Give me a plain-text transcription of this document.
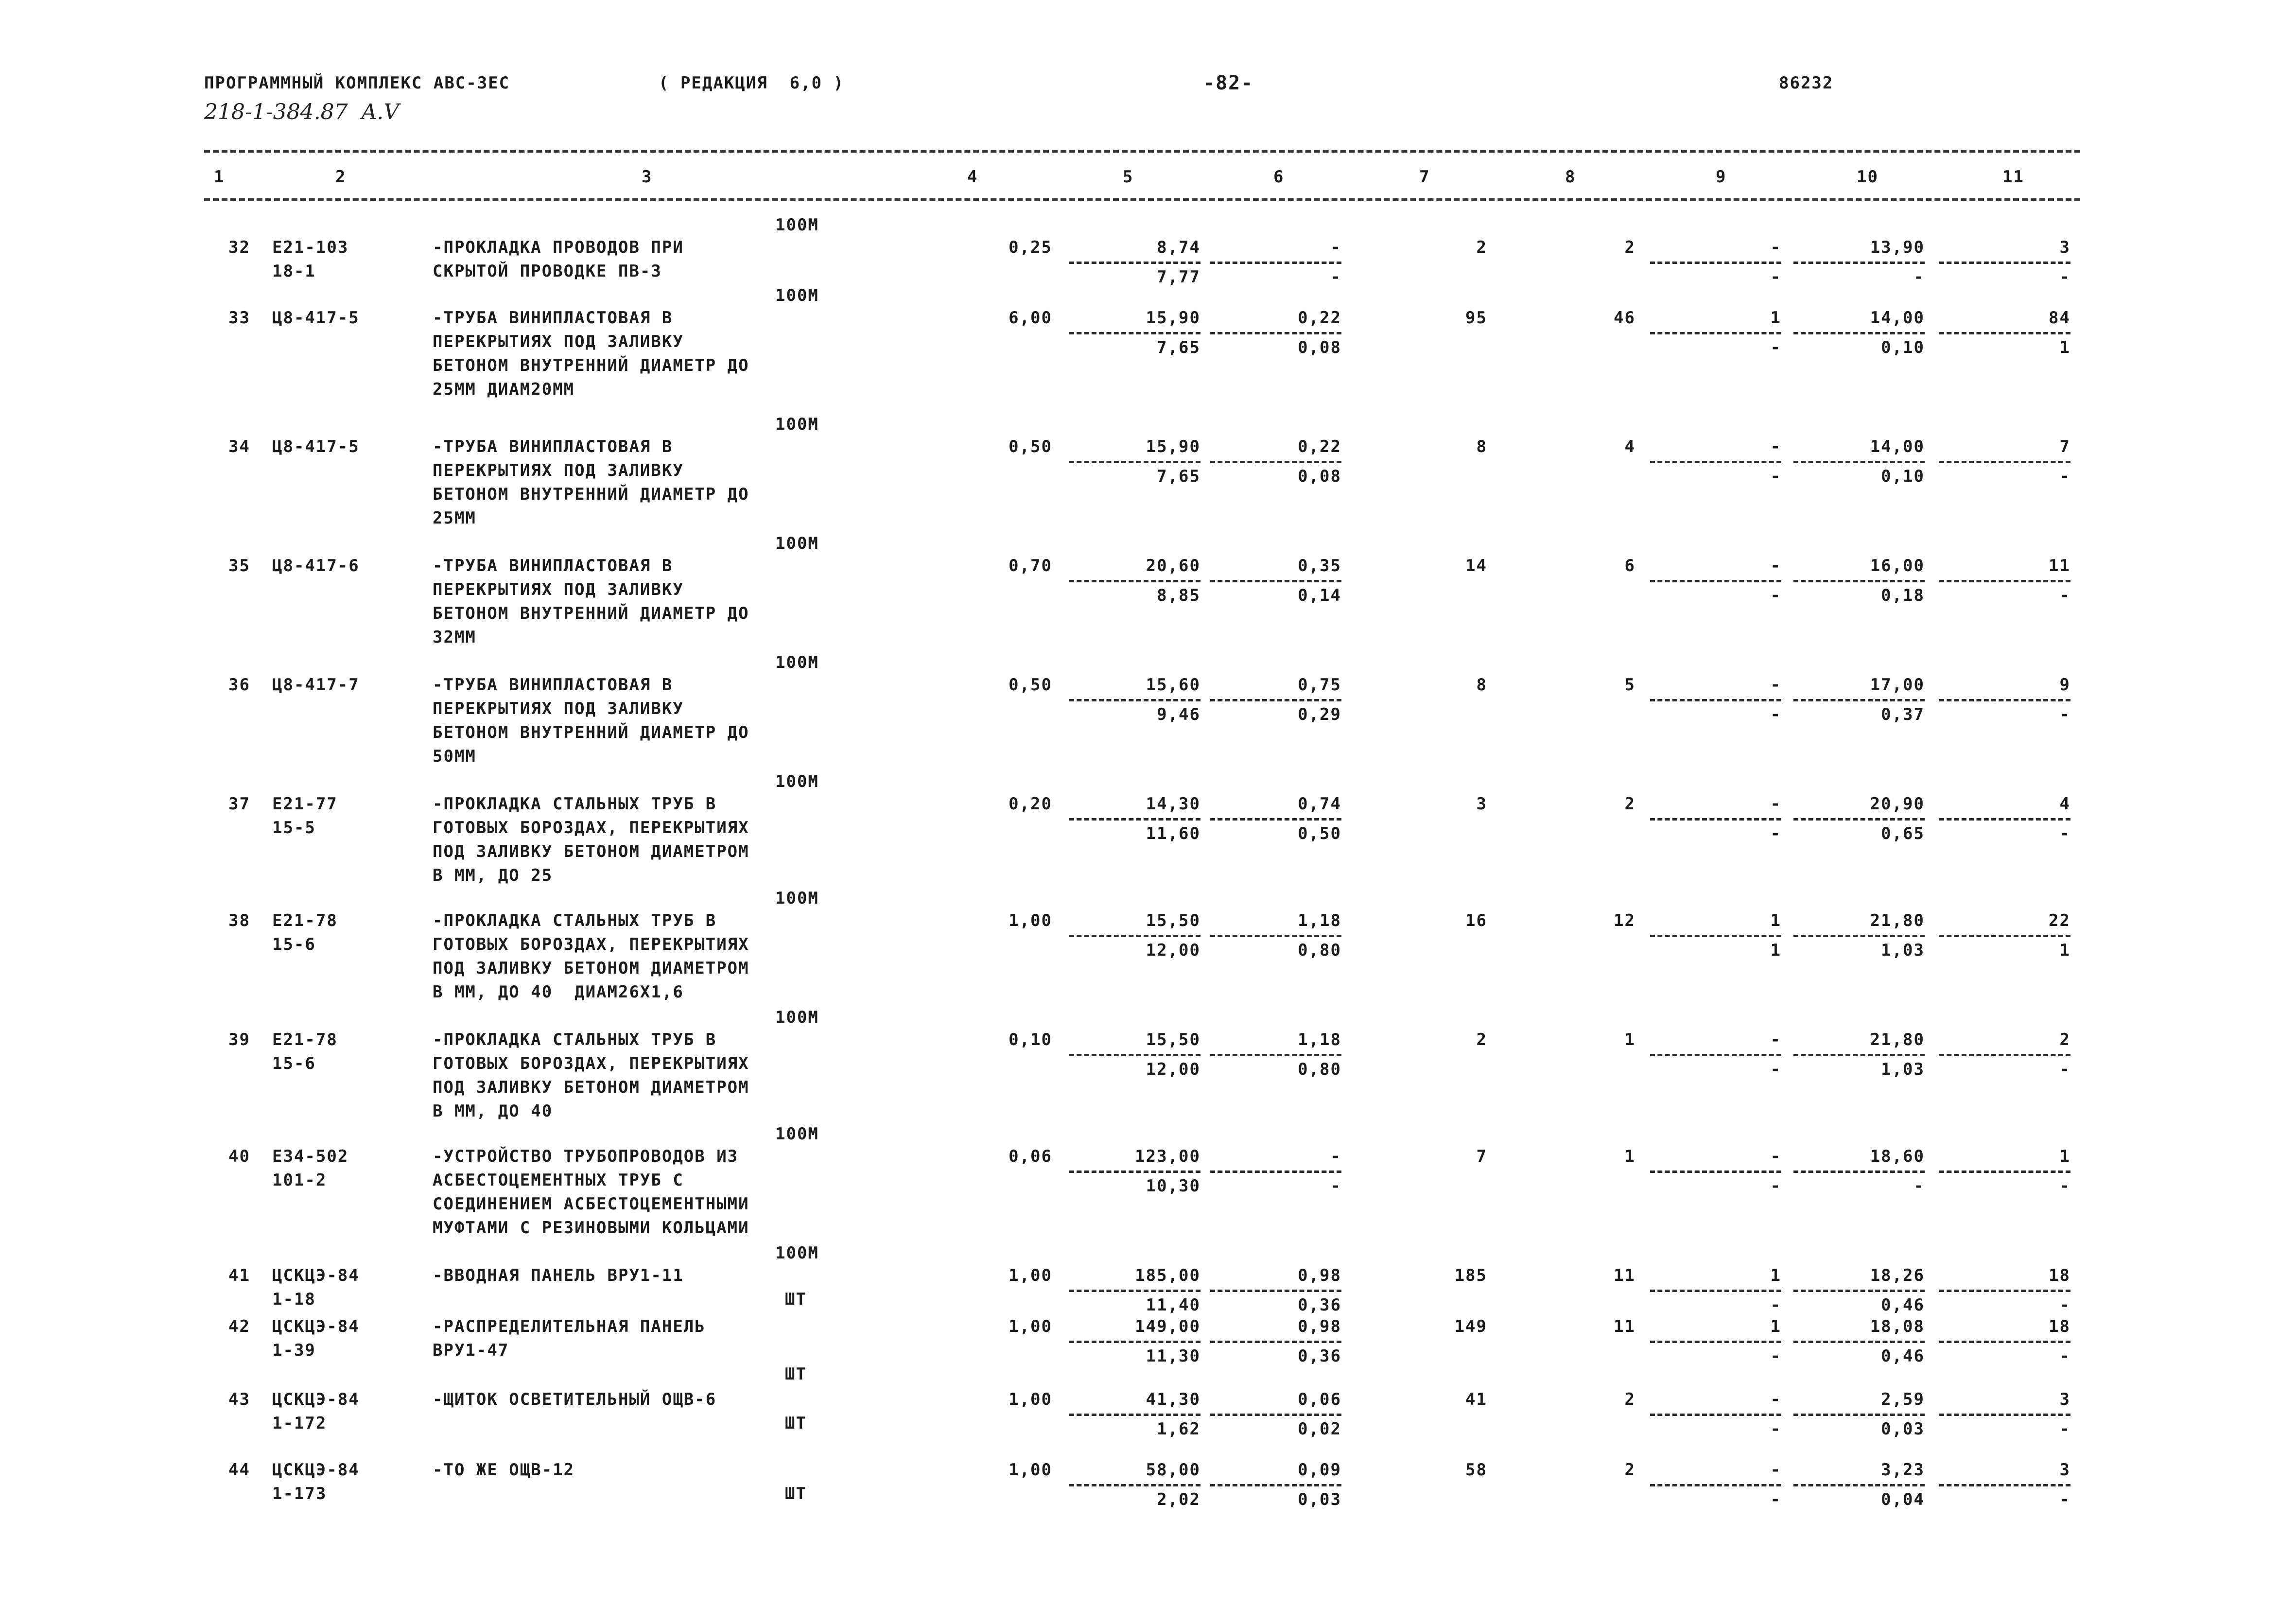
ПРОГРАММНЫЙ КОМПЛЕКС АВС-ЗЕС	( РЕДАКЦИЯ  6,0 )	-82-	86232
218-1-384.87  A.V
1	2	3	4	5	6	7	8	9	10	11
100М
32 Е21-103
18-1
-ПРОКЛАДКА ПРОВОДОВ ПРИ
СКРЫТОЙ ПРОВОДКЕ ПВ-3
0,25	8,74	-	2	2	-	13,90	3
7,77	-	-	-	-
100М
33 Ц8-417-5	-ТРУБА ВИНИПЛАСТОВАЯ В
ПЕРЕКРЫТИЯХ ПОД ЗАЛИВКУ
БЕТОНОМ ВНУТРЕННИЙ ДИАМЕТР ДО
25ММ ДИАМ20ММ
6,00	15,90	0,22	95	46	1	14,00	84
7,65	0,08	-	0,10	1
100М
34 Ц8-417-5	-ТРУБА ВИНИПЛАСТОВАЯ В
ПЕРЕКРЫТИЯХ ПОД ЗАЛИВКУ
БЕТОНОМ ВНУТРЕННИЙ ДИАМЕТР ДО
25ММ
0,50	15,90	0,22	8	4	-	14,00	7
7,65	0,08	-	0,10	-
100М
35 Ц8-417-6	-ТРУБА ВИНИПЛАСТОВАЯ В
ПЕРЕКРЫТИЯХ ПОД ЗАЛИВКУ
БЕТОНОМ ВНУТРЕННИЙ ДИАМЕТР ДО
32ММ
0,70	20,60	0,35	14	6	-	16,00	11
8,85	0,14	-	0,18	-
100М
36 Ц8-417-7	-ТРУБА ВИНИПЛАСТОВАЯ В
ПЕРЕКРЫТИЯХ ПОД ЗАЛИВКУ
БЕТОНОМ ВНУТРЕННИЙ ДИАМЕТР ДО
50ММ
0,50	15,60	0,75	8	5	-	17,00	9
9,46	0,29	-	0,37	-
100М
37 Е21-77
15-5
-ПРОКЛАДКА СТАЛЬНЫХ ТРУБ В
ГОТОВЫХ БОРОЗДАХ, ПЕРЕКРЫТИЯХ
ПОД ЗАЛИВКУ БЕТОНОМ ДИАМЕТРОМ
В ММ, ДО 25
0,20	14,30	0,74	3	2	-	20,90	4
11,60	0,50	-	0,65	-
100М
38 Е21-78
15-6
-ПРОКЛАДКА СТАЛЬНЫХ ТРУБ В
ГОТОВЫХ БОРОЗДАХ, ПЕРЕКРЫТИЯХ
ПОД ЗАЛИВКУ БЕТОНОМ ДИАМЕТРОМ
В ММ, ДО 40  ДИАМ26Х1,6
1,00	15,50	1,18	16	12	1	21,80	22
12,00	0,80	1	1,03	1
100М
39 Е21-78
15-6
-ПРОКЛАДКА СТАЛЬНЫХ ТРУБ В
ГОТОВЫХ БОРОЗДАХ, ПЕРЕКРЫТИЯХ
ПОД ЗАЛИВКУ БЕТОНОМ ДИАМЕТРОМ
В ММ, ДО 40
0,10	15,50	1,18	2	1	-	21,80	2
12,00	0,80	-	1,03	-
100М
40 Е34-502
101-2
-УСТРОЙСТВО ТРУБОПРОВОДОВ ИЗ
АСБЕСТОЦЕМЕНТНЫХ ТРУБ С
СОЕДИНЕНИЕМ АСБЕСТОЦЕМЕНТНЫМИ
МУФТАМИ С РЕЗИНОВЫМИ КОЛЬЦАМИ
0,06	123,00	-	7	1	-	18,60	1
10,30	-	-	-	-
100М
41 ЦСКЦЭ-84
1-18
-ВВОДНАЯ ПАНЕЛЬ ВРУ1-11
ШТ
1,00	185,00	0,98	185	11	1	18,26	18
11,40	0,36	-	0,46	-
42 ЦСКЦЭ-84
1-39
-РАСПРЕДЕЛИТЕЛЬНАЯ ПАНЕЛЬ
ВРУ1-47
ШТ
1,00	149,00	0,98	149	11	1	18,08	18
11,30	0,36	-	0,46	-
43 ЦСКЦЭ-84
1-172
-ЩИТОК ОСВЕТИТЕЛЬНЫЙ ОЩВ-6
ШТ
1,00	41,30	0,06	41	2	-	2,59	3
1,62	0,02	-	0,03	-
44 ЦСКЦЭ-84
1-173
-ТО ЖЕ ОЩВ-12
ШТ
1,00	58,00	0,09	58	2	-	3,23	3
2,02	0,03	-	0,04	-
